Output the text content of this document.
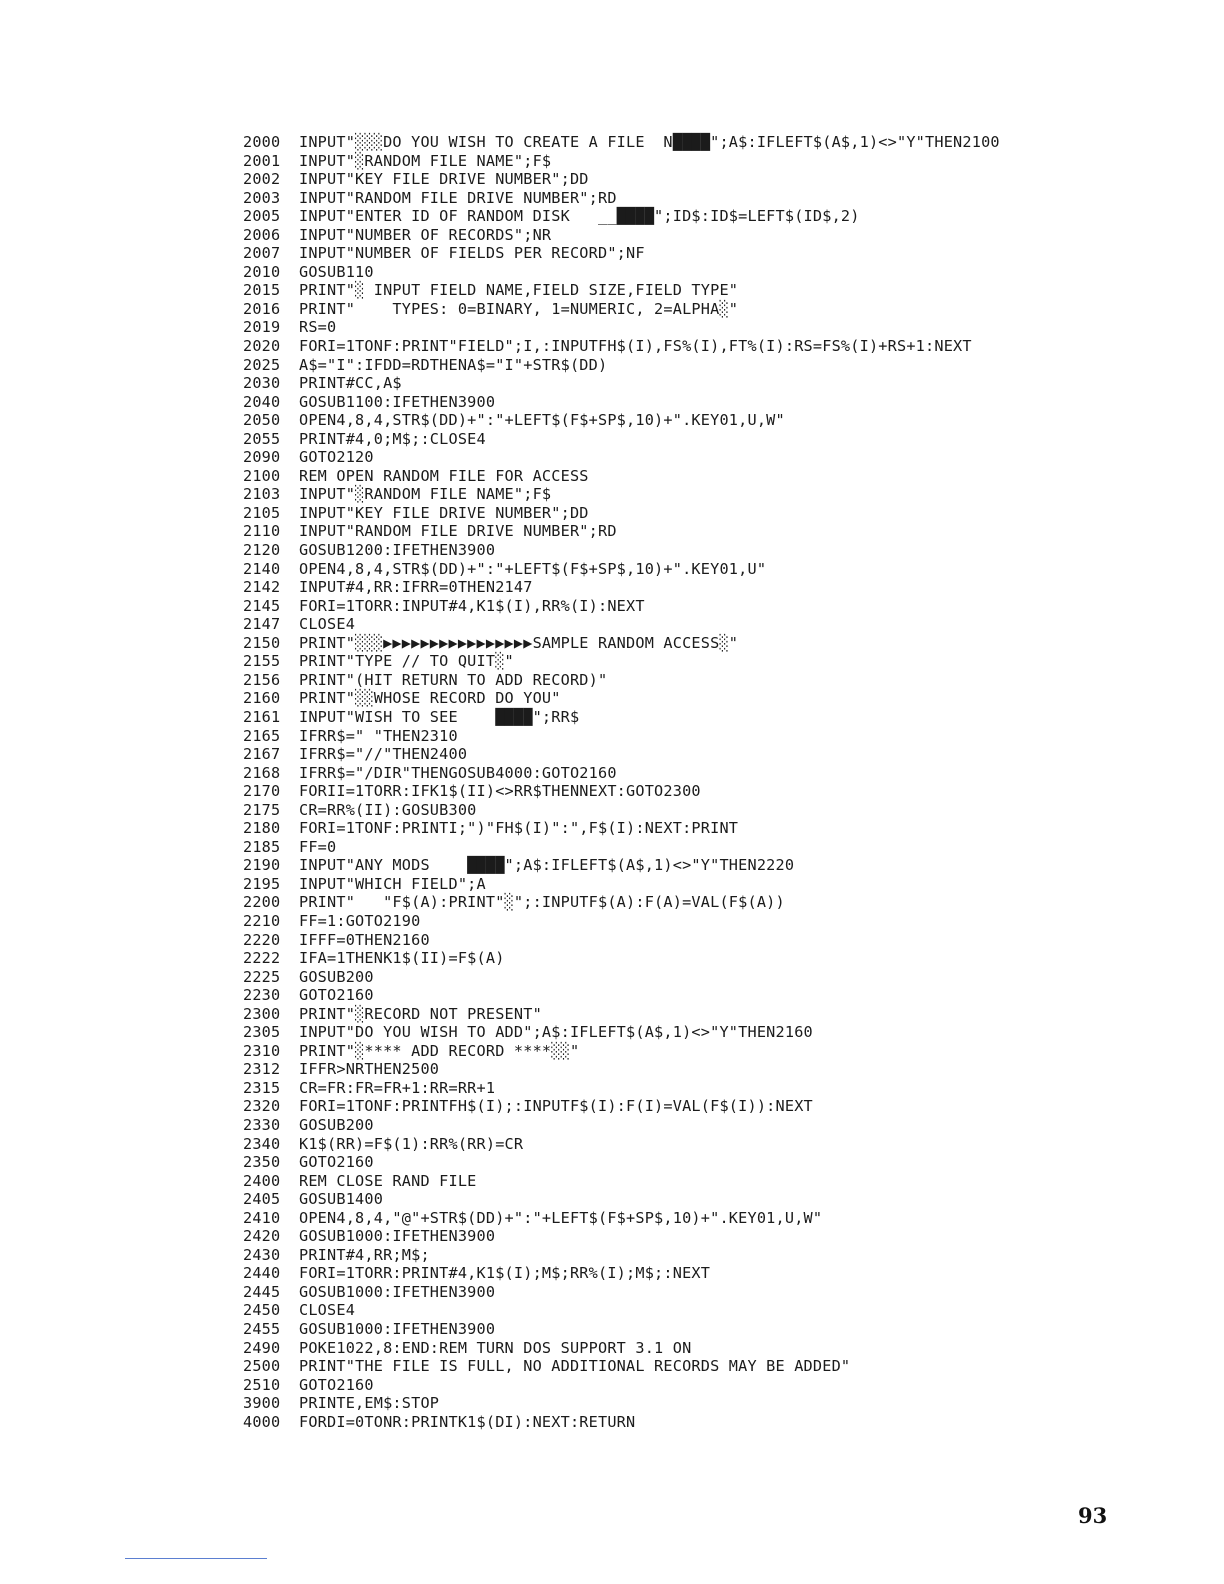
2000 INPUT"░░░DO YOU WISH TO CREATE A FILE  N████";A$:IFLEFT$(A$,1)<>"Y"THEN2100
2001 INPUT"░RANDOM FILE NAME";F$
2002 INPUT"KEY FILE DRIVE NUMBER";DD
2003 INPUT"RANDOM FILE DRIVE NUMBER";RD
2005 INPUT"ENTER ID OF RANDOM DISK   __████";ID$:ID$=LEFT$(ID$,2)
2006 INPUT"NUMBER OF RECORDS";NR
2007 INPUT"NUMBER OF FIELDS PER RECORD";NF
2010 GOSUB110
2015 PRINT"░ INPUT FIELD NAME,FIELD SIZE,FIELD TYPE"
2016 PRINT"    TYPES: 0=BINARY, 1=NUMERIC, 2=ALPHA░"
2019 RS=0
2020 FORI=1TONF:PRINT"FIELD";I,:INPUTFH$(I),FS%(I),FT%(I):RS=FS%(I)+RS+1:NEXT
2025 A$="I":IFDD=RDTHENA$="I"+STR$(DD)
2030 PRINT#CC,A$
2040 GOSUB1100:IFETHEN3900
2050 OPEN4,8,4,STR$(DD)+":"+LEFT$(F$+SP$,10)+".KEY01,U,W"
2055 PRINT#4,0;M$;:CLOSE4
2090 GOTO2120
2100 REM OPEN RANDOM FILE FOR ACCESS
2103 INPUT"░RANDOM FILE NAME";F$
2105 INPUT"KEY FILE DRIVE NUMBER";DD
2110 INPUT"RANDOM FILE DRIVE NUMBER";RD
2120 GOSUB1200:IFETHEN3900
2140 OPEN4,8,4,STR$(DD)+":"+LEFT$(F$+SP$,10)+".KEY01,U"
2142 INPUT#4,RR:IFRR=0THEN2147
2145 FORI=1TORR:INPUT#4,K1$(I),RR%(I):NEXT
2147 CLOSE4
2150 PRINT"░░░▶▶▶▶▶▶▶▶▶▶▶▶▶▶▶▶SAMPLE RANDOM ACCESS░"
2155 PRINT"TYPE // TO QUIT░"
2156 PRINT"(HIT RETURN TO ADD RECORD)"
2160 PRINT"░░WHOSE RECORD DO YOU"
2161 INPUT"WISH TO SEE    ████";RR$
2165 IFRR$=" "THEN2310
2167 IFRR$="//"THEN2400
2168 IFRR$="/DIR"THENGOSUB4000:GOTO2160
2170 FORII=1TORR:IFK1$(II)<>RR$THENNEXT:GOTO2300
2175 CR=RR%(II):GOSUB300
2180 FORI=1TONF:PRINTI;")"FH$(I)":",F$(I):NEXT:PRINT
2185 FF=0
2190 INPUT"ANY MODS    ████";A$:IFLEFT$(A$,1)<>"Y"THEN2220
2195 INPUT"WHICH FIELD";A
2200 PRINT"   "F$(A):PRINT"░";:INPUTF$(A):F(A)=VAL(F$(A))
2210 FF=1:GOTO2190
2220 IFFF=0THEN2160
2222 IFA=1THENK1$(II)=F$(A)
2225 GOSUB200
2230 GOTO2160
2300 PRINT"░RECORD NOT PRESENT"
2305 INPUT"DO YOU WISH TO ADD";A$:IFLEFT$(A$,1)<>"Y"THEN2160
2310 PRINT"░**** ADD RECORD ****░░"
2312 IFFR>NRTHEN2500
2315 CR=FR:FR=FR+1:RR=RR+1
2320 FORI=1TONF:PRINTFH$(I);:INPUTF$(I):F(I)=VAL(F$(I)):NEXT
2330 GOSUB200
2340 K1$(RR)=F$(1):RR%(RR)=CR
2350 GOTO2160
2400 REM CLOSE RAND FILE
2405 GOSUB1400
2410 OPEN4,8,4,"@"+STR$(DD)+":"+LEFT$(F$+SP$,10)+".KEY01,U,W"
2420 GOSUB1000:IFETHEN3900
2430 PRINT#4,RR;M$;
2440 FORI=1TORR:PRINT#4,K1$(I);M$;RR%(I);M$;:NEXT
2445 GOSUB1000:IFETHEN3900
2450 CLOSE4
2455 GOSUB1000:IFETHEN3900
2490 POKE1022,8:END:REM TURN DOS SUPPORT 3.1 ON
2500 PRINT"THE FILE IS FULL, NO ADDITIONAL RECORDS MAY BE ADDED"
2510 GOTO2160
3900 PRINTE,EM$:STOP
4000 FORDI=0TONR:PRINTK1$(DI):NEXT:RETURN
93
